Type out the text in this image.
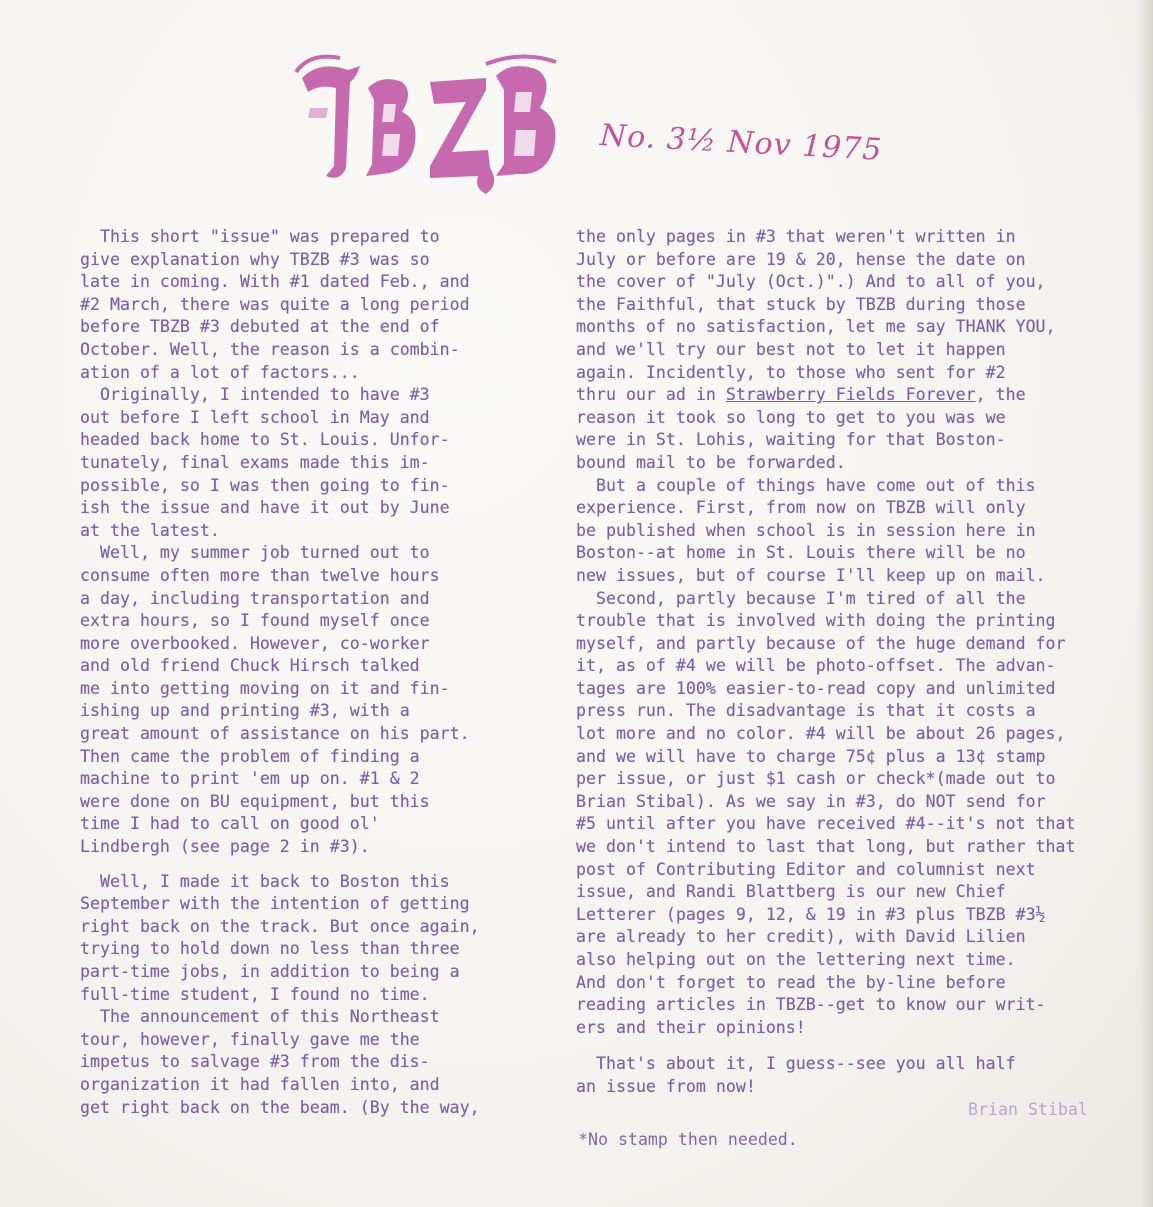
No. 3½ Nov 1975

This short "issue" was prepared to

give explanation why TBZB #3 was so

late in coming. With #1 dated Feb., and

#2 March, there was quite a long period

before TBZB #3 debuted at the end of

October. Well, the reason is a combin-

ation of a lot of factors...

Originally, I intended to have #3

out before I left school in May and

headed back home to St. Louis. Unfor-

tunately, final exams made this im-

possible, so I was then going to fin-

ish the issue and have it out by June

at the latest.

Well, my summer job turned out to

consume often more than twelve hours

a day, including transportation and

extra hours, so I found myself once

more overbooked. However, co-worker

and old friend Chuck Hirsch talked

me into getting moving on it and fin-

ishing up and printing #3, with a

great amount of assistance on his part.

Then came the problem of finding a

machine to print 'em up on. #1 & 2

were done on BU equipment, but this

time I had to call on good ol'

Lindbergh (see page 2 in #3).

Well, I made it back to Boston this

September with the intention of getting

right back on the track. But once again,

trying to hold down no less than three

part-time jobs, in addition to being a

full-time student, I found no time.

The announcement of this Northeast

tour, however, finally gave me the

impetus to salvage #3 from the dis-

organization it had fallen into, and

get right back on the beam. (By the way,

the only pages in #3 that weren't written in

July or before are 19 & 20, hense the date on

the cover of "July (Oct.)".) And to all of you,

the Faithful, that stuck by TBZB during those

months of no satisfaction, let me say THANK YOU,

and we'll try our best not to let it happen

again. Incidently, to those who sent for #2

thru our ad in Strawberry Fields Forever, the

reason it took so long to get to you was we

were in St. Lohis, waiting for that Boston-

bound mail to be forwarded.

But a couple of things have come out of this

experience. First, from now on TBZB will only

be published when school is in session here in

Boston--at home in St. Louis there will be no

new issues, but of course I'll keep up on mail.

Second, partly because I'm tired of all the

trouble that is involved with doing the printing

myself, and partly because of the huge demand for

it, as of #4 we will be photo-offset. The advan-

tages are 100% easier-to-read copy and unlimited

press run. The disadvantage is that it costs a

lot more and no color. #4 will be about 26 pages,

and we will have to charge 75¢ plus a 13¢ stamp

per issue, or just $1 cash or check*(made out to

Brian Stibal). As we say in #3, do NOT send for

#5 until after you have received #4--it's not that

we don't intend to last that long, but rather that

post of Contributing Editor and columnist next

issue, and Randi Blattberg is our new Chief

Letterer (pages 9, 12, & 19 in #3 plus TBZB #3½

are already to her credit), with David Lilien

also helping out on the lettering next time.

And don't forget to read the by-line before

reading articles in TBZB--get to know our writ-

ers and their opinions!

That's about it, I guess--see you all half

an issue from now!

Brian Stibal
*No stamp then needed.
